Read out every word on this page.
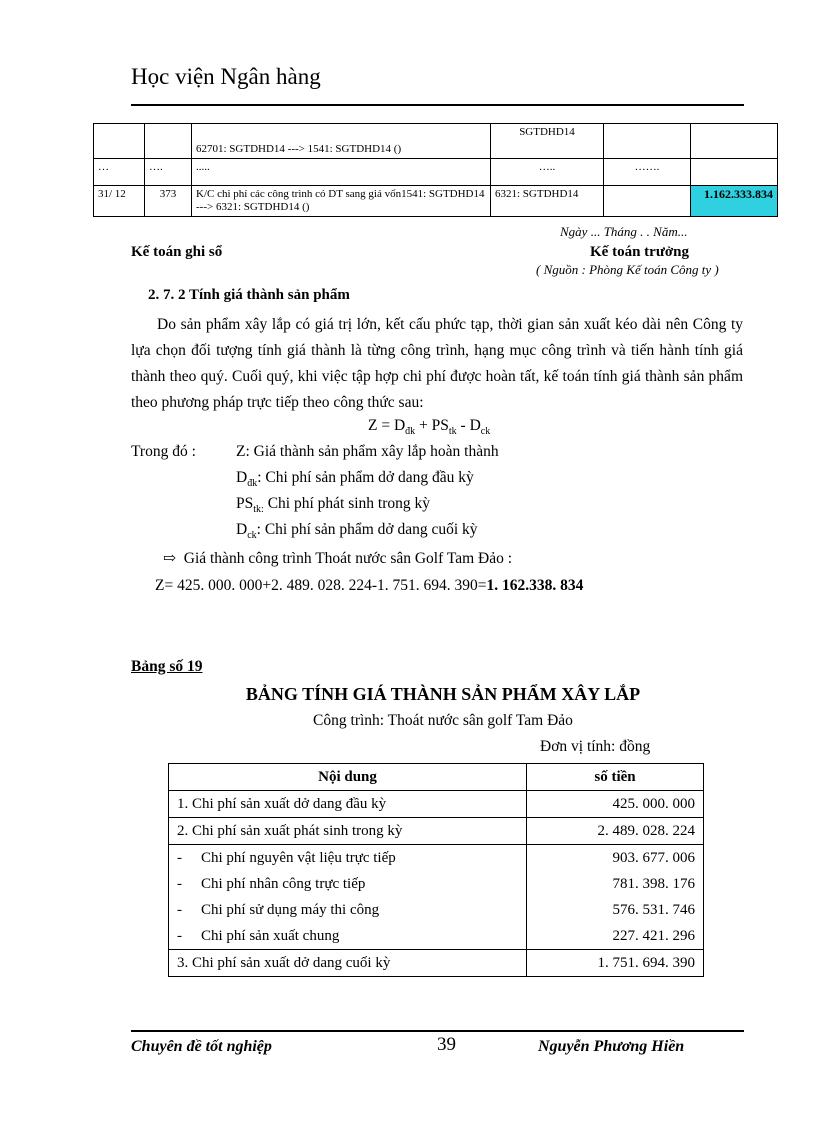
Học viện Ngân hàng
		62701: SGTDHD14 ---> 1541: SGTDHD14 ()	SGTDHD14		
…	….	.....	…..	…….	
31/ 12	373	K/C chi phí các công trình có DT sang giá vốn1541: SGTDHD14 ---> 6321: SGTDHD14 ()	6321: SGTDHD14		1.162.333.834
Ngày ... Tháng . . Năm...
Kế toán ghi sổ	Kế toán trưởng
( Nguồn : Phòng Kế toán Công ty )
2. 7. 2 Tính giá thành sản phẩm

Do sản phẩm xây lắp có giá trị lớn, kết cấu phức tạp, thời gian sản xuất kéo dài nên Công ty lựa chọn đối tượng tính giá thành là từng công trình, hạng mục công trình và tiến hành tính giá thành theo quý. Cuối quý, khi việc tập hợp chi phí được hoàn tất, kế toán tính giá thành sản phẩm theo phương pháp trực tiếp theo công thức sau:

$Z = D_{đk} + PS_{tk} - D_{ck}$
Trong đó :	Z: Giá thành sản phẩm xây lắp hoàn thành
$D_{đk}$: Chi phí sản phẩm dở dang đầu kỳ
$PS_{tk:}$ Chi phí phát sinh trong kỳ
$D_{ck}$: Chi phí sản phẩm dở dang cuối kỳ
⇨ Giá thành công trình Thoát nước sân Golf Tam Đảo :
Z= 425. 000. 000+2. 489. 028. 224-1. 751. 694. 390=1. 162.338. 834
Bảng số 19
BẢNG TÍNH GIÁ THÀNH SẢN PHẨM XÂY LẮP
Công trình: Thoát nước sân golf Tam Đảo
Đơn vị tính: đồng
Nội dung	số tiền
1. Chi phí sản xuất dở dang đầu kỳ	425. 000. 000
2. Chi phí sản xuất phát sinh trong kỳ	2. 489. 028. 224
- Chi phí nguyên vật liệu trực tiếp	903. 677. 006
- Chi phí nhân công trực tiếp	781. 398. 176
- Chi phí sử dụng máy thi công	576. 531. 746
- Chi phí sản xuất chung	227. 421. 296
3. Chi phí sản xuất dở dang cuối kỳ	1. 751. 694. 390
Chuyên đề tốt nghiệp	39	Nguyễn Phương Hiền
